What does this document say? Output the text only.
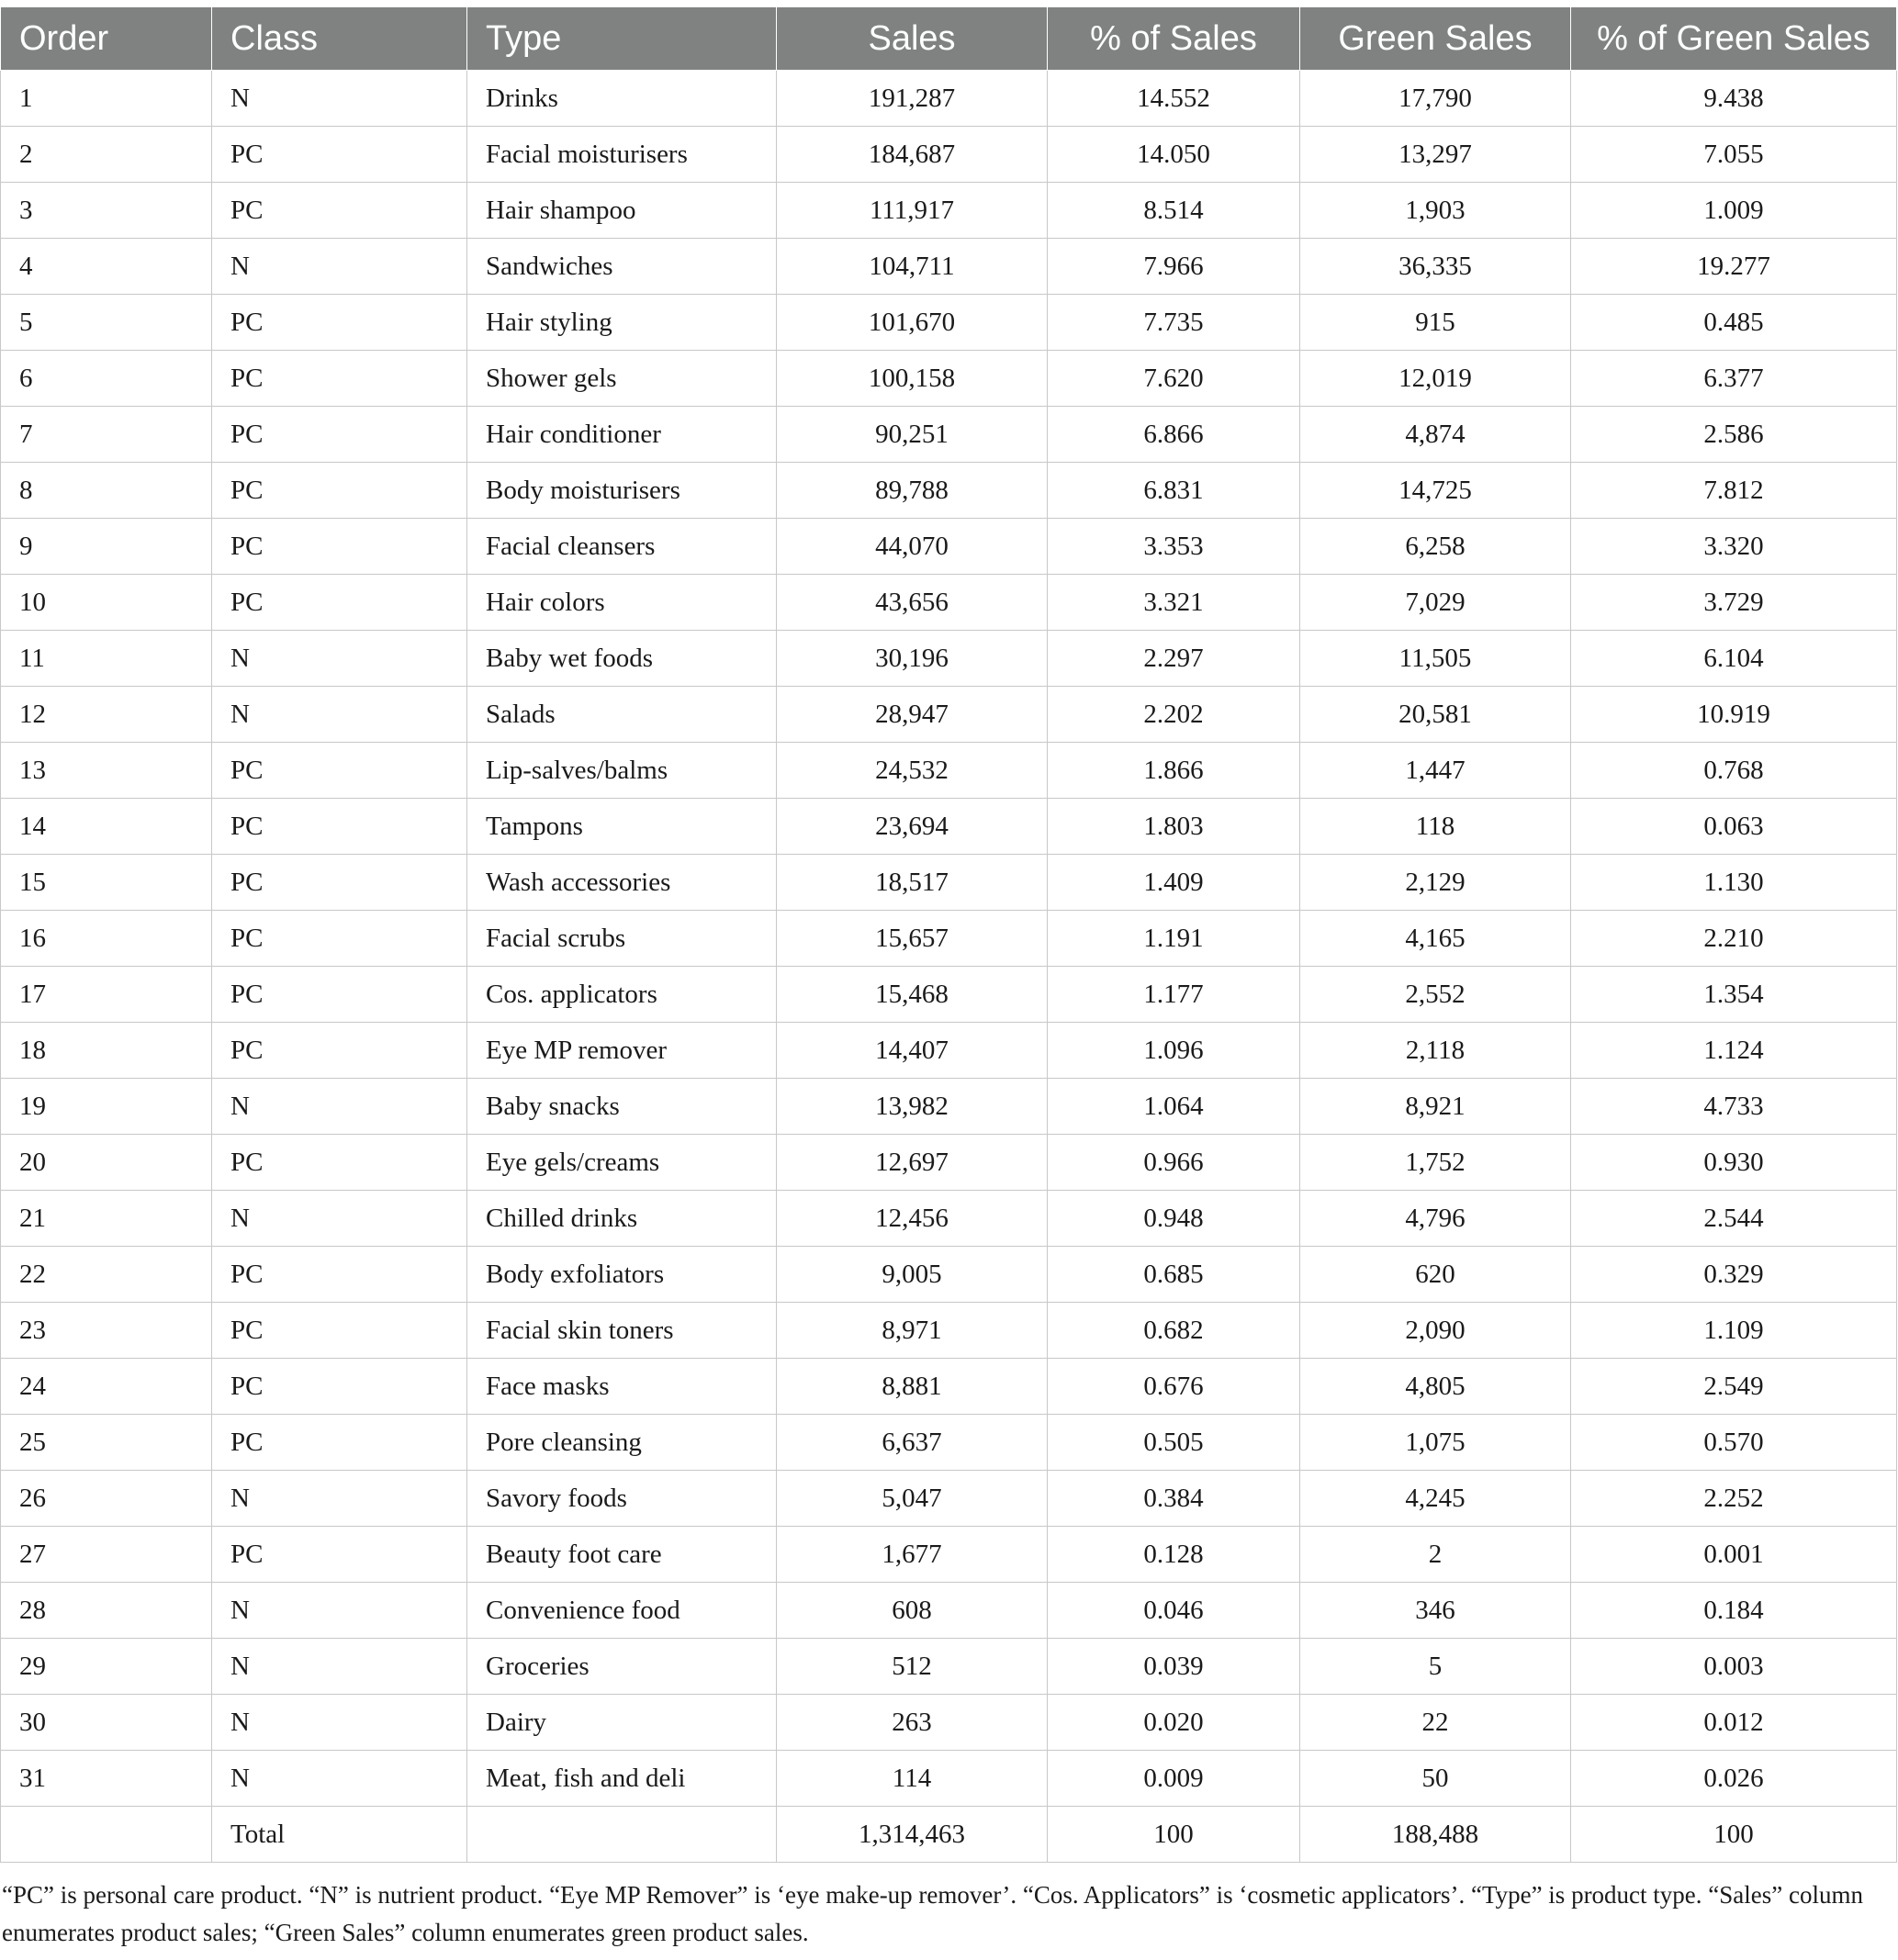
Order	Class	Type	Sales	% of Sales	Green Sales	% of Green Sales
1	N	Drinks	191,287	14.552	17,790	9.438
2	PC	Facial moisturisers	184,687	14.050	13,297	7.055
3	PC	Hair shampoo	111,917	8.514	1,903	1.009
4	N	Sandwiches	104,711	7.966	36,335	19.277
5	PC	Hair styling	101,670	7.735	915	0.485
6	PC	Shower gels	100,158	7.620	12,019	6.377
7	PC	Hair conditioner	90,251	6.866	4,874	2.586
8	PC	Body moisturisers	89,788	6.831	14,725	7.812
9	PC	Facial cleansers	44,070	3.353	6,258	3.320
10	PC	Hair colors	43,656	3.321	7,029	3.729
11	N	Baby wet foods	30,196	2.297	11,505	6.104
12	N	Salads	28,947	2.202	20,581	10.919
13	PC	Lip-salves/balms	24,532	1.866	1,447	0.768
14	PC	Tampons	23,694	1.803	118	0.063
15	PC	Wash accessories	18,517	1.409	2,129	1.130
16	PC	Facial scrubs	15,657	1.191	4,165	2.210
17	PC	Cos. applicators	15,468	1.177	2,552	1.354
18	PC	Eye MP remover	14,407	1.096	2,118	1.124
19	N	Baby snacks	13,982	1.064	8,921	4.733
20	PC	Eye gels/creams	12,697	0.966	1,752	0.930
21	N	Chilled drinks	12,456	0.948	4,796	2.544
22	PC	Body exfoliators	9,005	0.685	620	0.329
23	PC	Facial skin toners	8,971	0.682	2,090	1.109
24	PC	Face masks	8,881	0.676	4,805	2.549
25	PC	Pore cleansing	6,637	0.505	1,075	0.570
26	N	Savory foods	5,047	0.384	4,245	2.252
27	PC	Beauty foot care	1,677	0.128	2	0.001
28	N	Convenience food	608	0.046	346	0.184
29	N	Groceries	512	0.039	5	0.003
30	N	Dairy	263	0.020	22	0.012
31	N	Meat, fish and deli	114	0.009	50	0.026
	Total		1,314,463	100	188,488	100
“PC” is personal care product. “N” is nutrient product. “Eye MP Remover” is ‘eye make-up remover’. “Cos. Applicators” is ‘cosmetic applicators’. “Type” is product type. “Sales” column enumerates product sales; “Green Sales” column enumerates green product sales.
